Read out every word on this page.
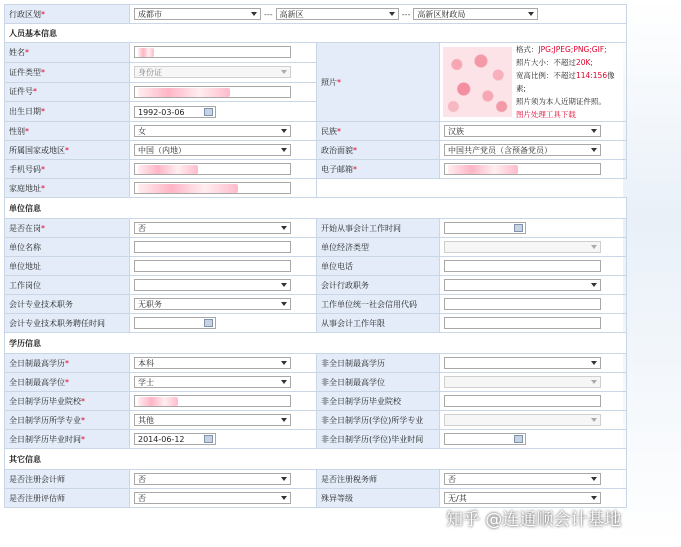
行政区划*	成都市 --- 高新区 --- 高新区财政局		

人员基本信息			
姓名*		照片*	格式：JPG;JPEG;PNG;GIF;
照片大小：不超过20K;
宽高比例：不超过114:156像素;
照片须为本人近期证件照。
图片处理工具下载

证件类型*	身份证		

证件号*			
出生日期*	1992-03-06		

性别*	女	民族*	汉族

所属国家或地区*	中国（内地）	政治面貌*	中国共产党员（含预备党员）

手机号码*		电子邮箱*	
家庭地址*			
单位信息			
是否在岗*	否	开始从事会计工作时间	

单位名称		单位经济类型	

单位地址		单位电话	
工作岗位		会计行政职务	

会计专业技术职务	无职务	工作单位统一社会信用代码	
会计专业技术职务聘任时间		从事会计工作年限	
学历信息			
全日制最高学历*	本科	非全日制最高学历	

全日制最高学位*	学士	非全日制最高学位	

全日制学历毕业院校*		非全日制学历毕业院校	
全日制学历所学专业*	其他	非全日制学历(学位)所学专业	

全日制学历毕业时间*	2014-06-12	非全日制学历(学位)毕业时间	

其它信息			
是否注册会计师	否	是否注册税务师	否

是否注册评估师	否	殊异等级	无/其
知乎 @连通顺会计基地
